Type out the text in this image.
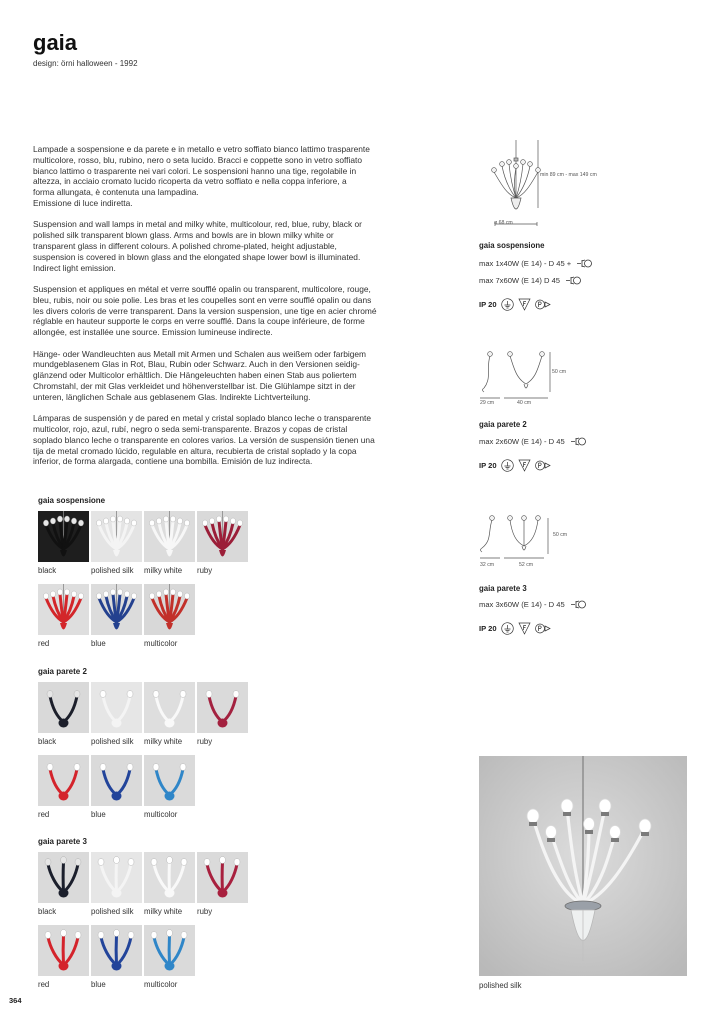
gaia
design: örni halloween - 1992

Lampade a sospensione e da parete e in metallo e vetro soffiato bianco lattimo trasparente
multicolore, rosso, blu, rubino, nero o seta lucido. Bracci e coppette sono in vetro soffiato
bianco lattimo o trasparente nei vari colori. Le sospensioni hanno una tige, regolabile in
altezza, in acciaio cromato lucido ricoperta da vetro soffiato e nella coppa inferiore, a
forma allungata, è contenuta una lampadina.
Emissione di luce indiretta.

Suspension and wall lamps in metal and milky white, multicolour, red, blue, ruby, black or
polished silk transparent blown glass. Arms and bowls are in blown milky white or
transparent glass in different colours. A polished chrome-plated, height adjustable,
suspension is covered in blown glass and the elongated shape lower bowl is illuminated.
Indirect light emission.

Suspension et appliques en métal et verre soufflé opalin ou transparent, multicolore, rouge,
bleu, rubis, noir ou soie polie. Les bras et les coupelles sont en verre soufflé opalin ou dans
les divers coloris de verre transparent. Dans la version suspension, une tige en acier chromé
réglable en hauteur supporte le corps en verre soufflé. Dans la coupe inférieure, de forme
allongée, est installée une source. Emission lumineuse indirecte.

Hänge- oder Wandleuchten aus Metall mit Armen und Schalen aus weißem oder farbigem
mundgeblasenem Glas in Rot, Blau, Rubin oder Schwarz. Auch in den Versionen seidig-
glänzend oder Multicolor erhältlich. Die Hängeleuchten haben einen Stab aus poliertem
Chromstahl, der mit Glas verkleidet und höhenverstellbar ist. Die Glühlampe sitzt in der
unteren, länglichen Schale aus geblasenem Glas. Indirekte Lichtverteilung.

Lámparas de suspensión y de pared en metal y cristal soplado blanco leche o transparente
multicolor, rojo, azul, rubí, negro o seda semi-transparente. Brazos y copas de cristal
soplado blanco leche o transparente en colores varios. La versión de suspensión tienen una
tija de metal cromado lúcido, regulable en altura, recubierta de cristal soplado y la copa
inferior, de forma alargada, contiene una bombilla. Emisión de luz indirecta.

gaia sospensione
black	polished silk milky white ruby
red	blue	multicolor
gaia parete 2
black	polished silk milky white ruby
red	blue	multicolor
gaia parete 3
black	polished silk milky white ruby
red	blue	multicolor
min 89 cm - max 149 cm
ø 68 cm
gaia sospensione
max 1x40W (E 14) - D 45 +
max 7x60W (E 14) D 45
IP 20
50 cm
29 cm	40 cm
gaia parete 2
max 2x60W (E 14) - D 45
IP 20
50 cm
32 cm	52 cm
gaia parete 3
max 3x60W (E 14) - D 45
IP 20
polished silk
364
